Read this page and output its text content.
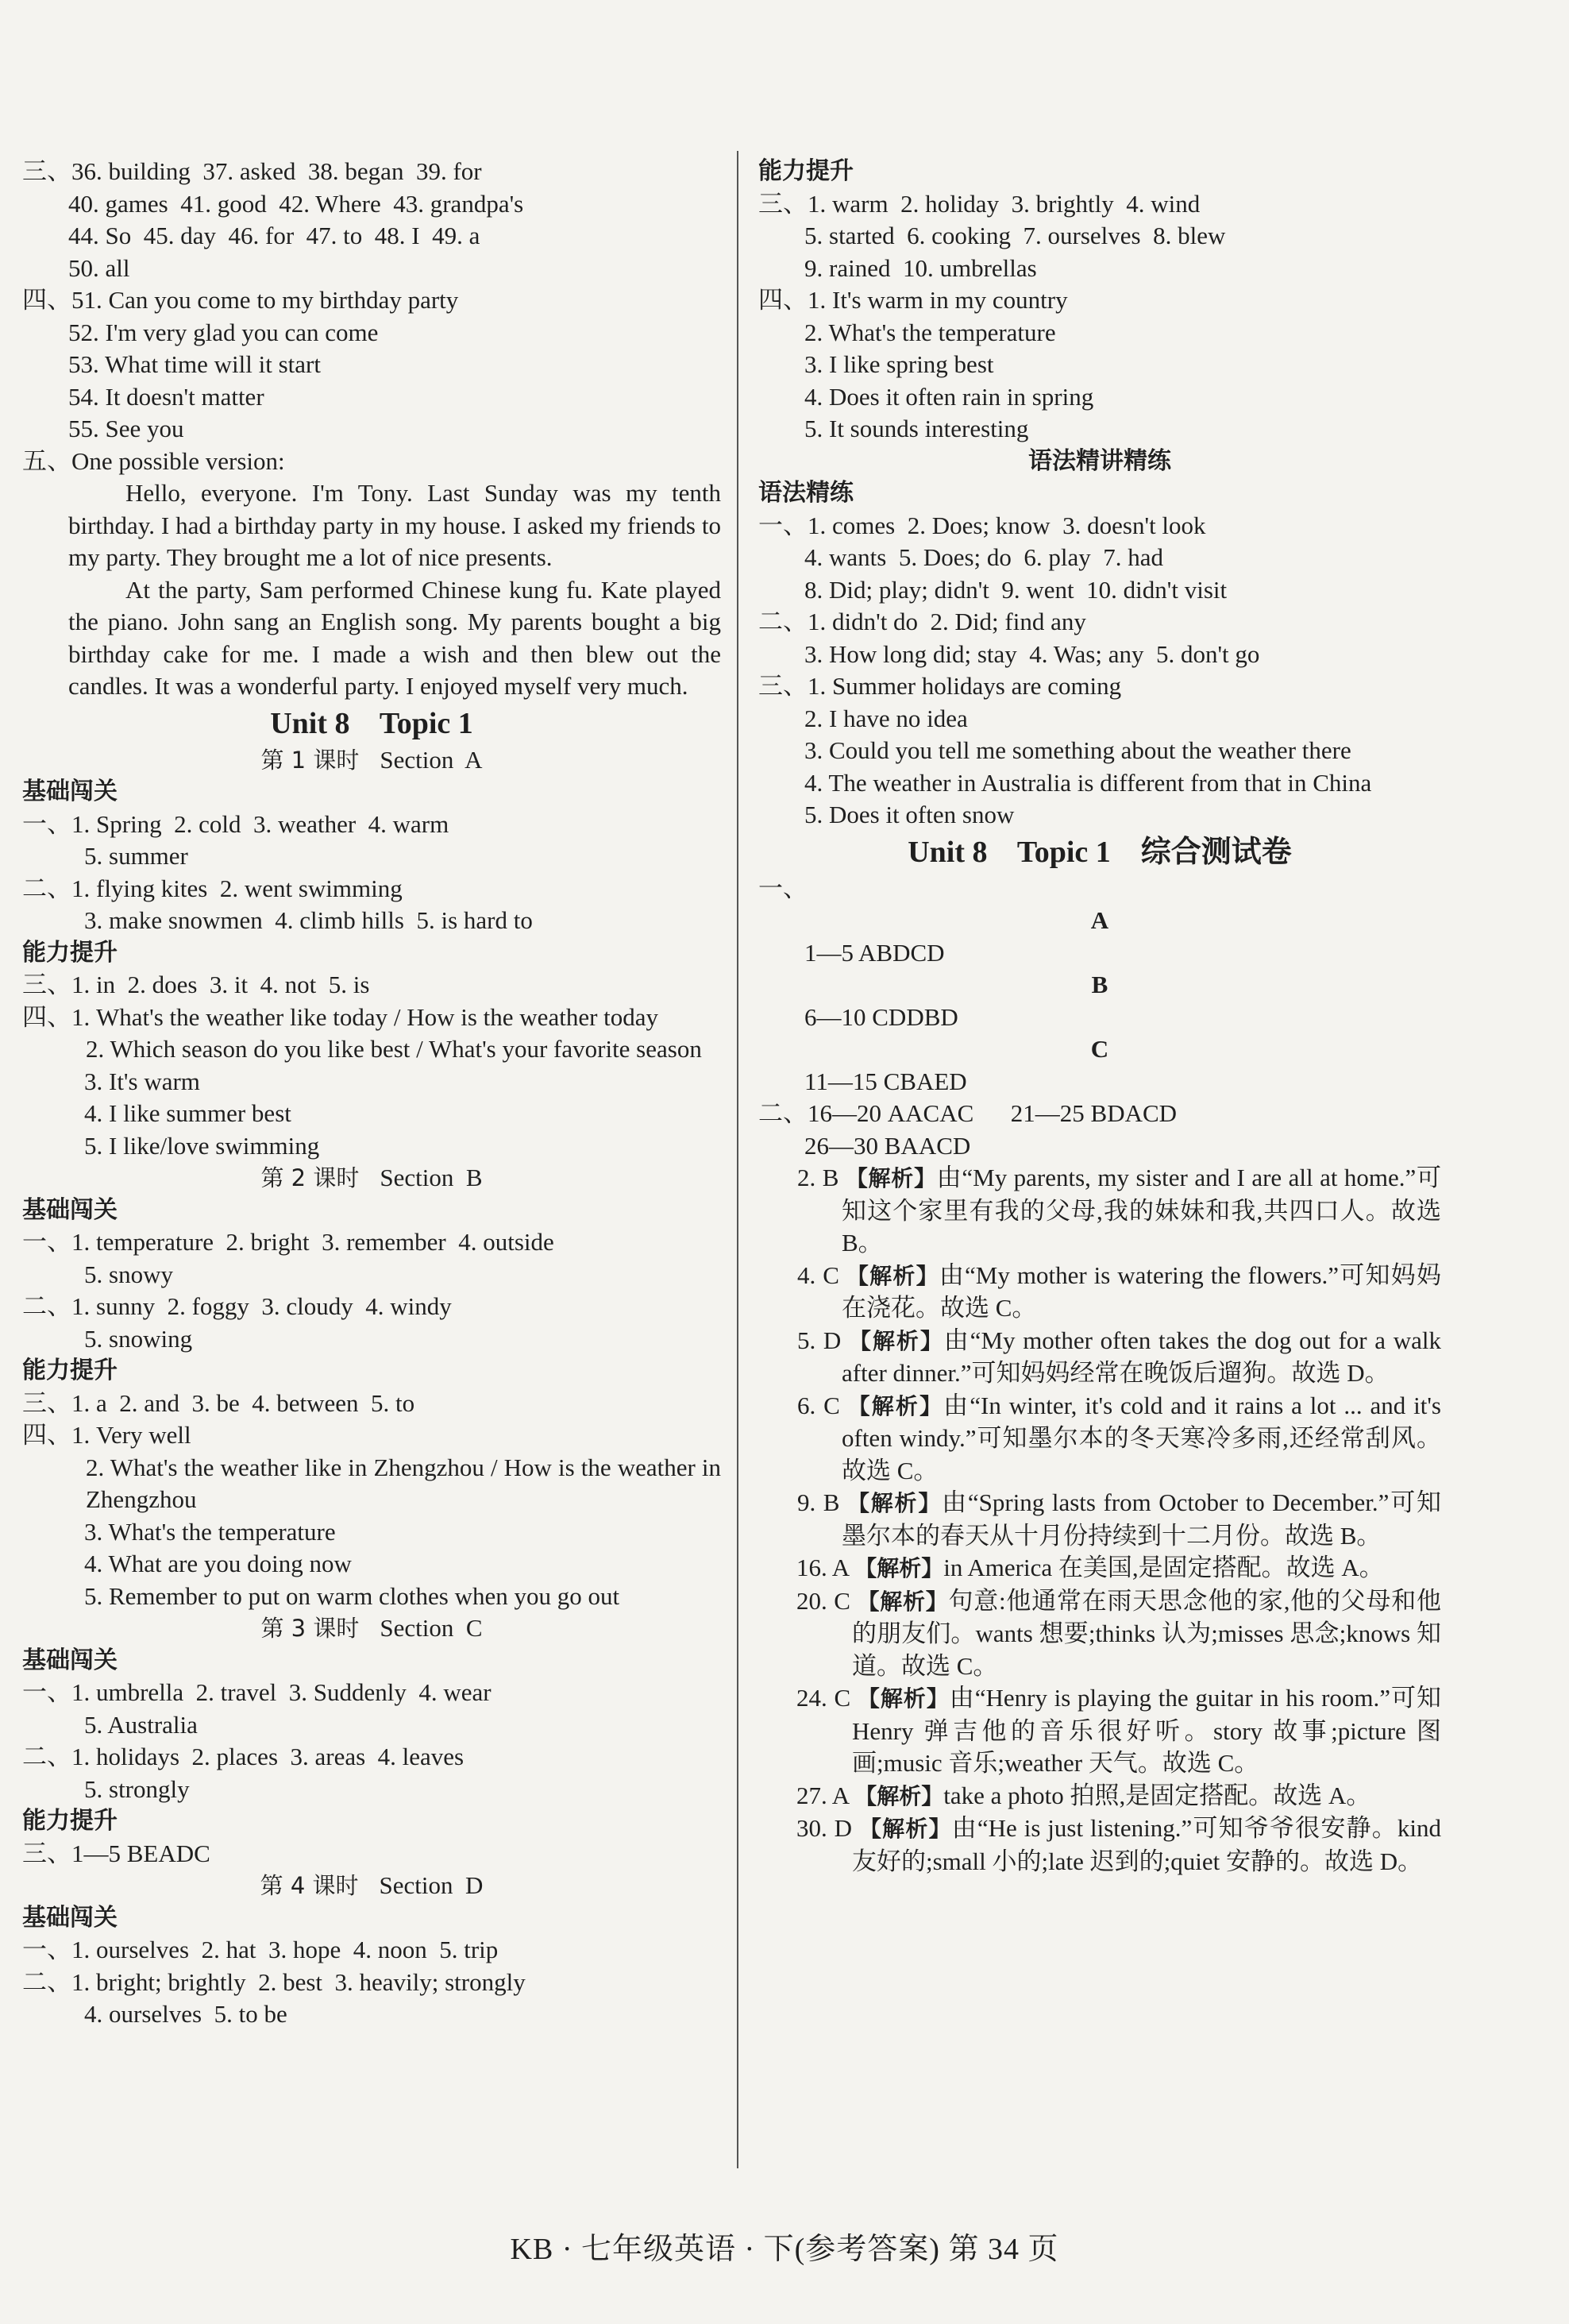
三、36. building  37. asked  38. began  39. for
40. games  41. good  42. Where  43. grandpa's
44. So  45. day  46. for  47. to  48. I  49. a
50. all
四、51. Can you come to my birthday party
52. I'm very glad you can come
53. What time will it start
54. It doesn't matter
55. See you
五、One possible version:
Hello, everyone. I'm Tony. Last Sunday was my tenth birthday. I had a birthday party in my house. I asked my friends to my party. They brought me a lot of nice presents.
At the party, Sam performed Chinese kung fu. Kate played the piano. John sang an English song. My parents bought a big birthday cake for me. I made a wish and then blew out the candles. It was a wonderful party. I enjoyed myself very much.
Unit 8    Topic 1
第 1 课时 Section  A
基础闯关
一、1. Spring  2. cold  3. weather  4. warm
5. summer
二、1. flying kites  2. went swimming
3. make snowmen  4. climb hills  5. is hard to
能力提升
三、1. in  2. does  3. it  4. not  5. is
四、1. What's the weather like today / How is the weather today
2. Which season do you like best / What's your favorite season
3. It's warm
4. I like summer best
5. I like/love swimming
第 2 课时 Section  B
基础闯关
一、1. temperature  2. bright  3. remember  4. outside
5. snowy
二、1. sunny  2. foggy  3. cloudy  4. windy
5. snowing
能力提升
三、1. a  2. and  3. be  4. between  5. to
四、1. Very well
2. What's the weather like in Zhengzhou / How is the weather in Zhengzhou
3. What's the temperature
4. What are you doing now
5. Remember to put on warm clothes when you go out
第 3 课时 Section  C
基础闯关
一、1. umbrella  2. travel  3. Suddenly  4. wear
5. Australia
二、1. holidays  2. places  3. areas  4. leaves
5. strongly
能力提升
三、1—5 BEADC
第 4 课时 Section  D
基础闯关
一、1. ourselves  2. hat  3. hope  4. noon  5. trip
二、1. bright; brightly  2. best  3. heavily; strongly
4. ourselves  5. to be
能力提升
三、1. warm  2. holiday  3. brightly  4. wind
5. started  6. cooking  7. ourselves  8. blew
9. rained  10. umbrellas
四、1. It's warm in my country
2. What's the temperature
3. I like spring best
4. Does it often rain in spring
5. It sounds interesting
语法精讲精练
语法精练
一、1. comes  2. Does; know  3. doesn't look
4. wants  5. Does; do  6. play  7. had
8. Did; play; didn't  9. went  10. didn't visit
二、1. didn't do  2. Did; find any
3. How long did; stay  4. Was; any  5. don't go
三、1. Summer holidays are coming
2. I have no idea
3. Could you tell me something about the weather there
4. The weather in Australia is different from that in China
5. Does it often snow
Unit 8    Topic 1    综合测试卷
一、
A
1—5 ABDCD
B
6—10 CDDBD
C
11—15 CBAED
二、16—20 AACAC      21—25 BDACD
26—30 BAACD
2. B 【解析】由“My parents, my sister and I are all at home.”可知这个家里有我的父母,我的妹妹和我,共四口人。故选 B。
4. C 【解析】由“My mother is watering the flowers.”可知妈妈在浇花。故选 C。
5. D 【解析】由“My mother often takes the dog out for a walk after dinner.”可知妈妈经常在晚饭后遛狗。故选 D。
6. C 【解析】由“In winter, it's cold and it rains a lot ... and it's often windy.”可知墨尔本的冬天寒冷多雨,还经常刮风。故选 C。
9. B 【解析】由“Spring lasts from October to December.”可知墨尔本的春天从十月份持续到十二月份。故选 B。
16. A 【解析】in America 在美国,是固定搭配。故选 A。
20. C 【解析】句意:他通常在雨天思念他的家,他的父母和他的朋友们。wants 想要;thinks 认为;misses 思念;knows 知道。故选 C。
24. C 【解析】由“Henry is playing the guitar in his room.”可知 Henry 弹吉他的音乐很好听。story 故事;picture 图画;music 音乐;weather 天气。故选 C。
27. A 【解析】take a photo 拍照,是固定搭配。故选 A。
30. D 【解析】由“He is just listening.”可知爷爷很安静。kind 友好的;small 小的;late 迟到的;quiet 安静的。故选 D。
KB · 七年级英语 · 下(参考答案) 第 34 页
